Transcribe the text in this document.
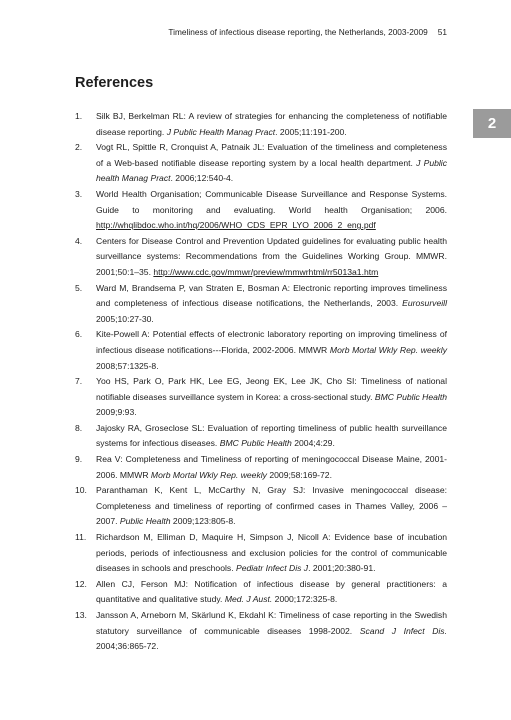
Timeliness of infectious disease reporting, the Netherlands, 2003-2009 51
2
References
1. Silk BJ, Berkelman RL: A review of strategies for enhancing the completeness of notifiable disease reporting. J Public Health Manag Pract. 2005;11:191-200.
2. Vogt RL, Spittle R, Cronquist A, Patnaik JL: Evaluation of the timeliness and completeness of a Web-based notifiable disease reporting system by a local health department. J Public health Manag Pract. 2006;12:540-4.
3. World Health Organisation; Communicable Disease Surveillance and Response Systems. Guide to monitoring and evaluating. World health Organisation; 2006. http://whqlibdoc.who.int/hq/2006/WHO_CDS_EPR_LYO_2006_2_eng.pdf
4. Centers for Disease Control and Prevention Updated guidelines for evaluating public health surveillance systems: Recommendations from the Guidelines Working Group. MMWR. 2001;50:1–35. http://www.cdc.gov/mmwr/preview/mmwrhtml/rr5013a1.htm
5. Ward M, Brandsema P, van Straten E, Bosman A: Electronic reporting improves timeliness and completeness of infectious disease notifications, the Netherlands, 2003. Eurosurveill 2005;10:27-30.
6. Kite-Powell A: Potential effects of electronic laboratory reporting on improving timeliness of infectious disease notifications---Florida, 2002-2006. MMWR Morb Mortal Wkly Rep. weekly 2008;57:1325-8.
7. Yoo HS, Park O, Park HK, Lee EG, Jeong EK, Lee JK, Cho SI: Timeliness of national notifiable diseases surveillance system in Korea: a cross-sectional study. BMC Public Health 2009;9:93.
8. Jajosky RA, Groseclose SL: Evaluation of reporting timeliness of public health surveillance systems for infectious diseases. BMC Public Health 2004;4:29.
9. Rea V: Completeness and Timeliness of reporting of meningococcal Disease Maine, 2001-2006. MMWR Morb Mortal Wkly Rep. weekly 2009;58:169-72.
10. Paranthaman K, Kent L, McCarthy N, Gray SJ: Invasive meningococcal disease: Completeness and timeliness of reporting of confirmed cases in Thames Valley, 2006 – 2007. Public Health 2009;123:805-8.
11. Richardson M, Elliman D, Maquire H, Simpson J, Nicoll A: Evidence base of incubation periods, periods of infectiousness and exclusion policies for the control of communicable diseases in schools and preschools. Pediatr Infect Dis J. 2001;20:380-91.
12. Allen CJ, Ferson MJ: Notification of infectious disease by general practitioners: a quantitative and qualitative study. Med. J Aust. 2000;172:325-8.
13. Jansson A, Arneborn M, Skärlund K, Ekdahl K: Timeliness of case reporting in the Swedish statutory surveillance of communicable diseases 1998-2002. Scand J Infect Dis. 2004;36:865-72.
